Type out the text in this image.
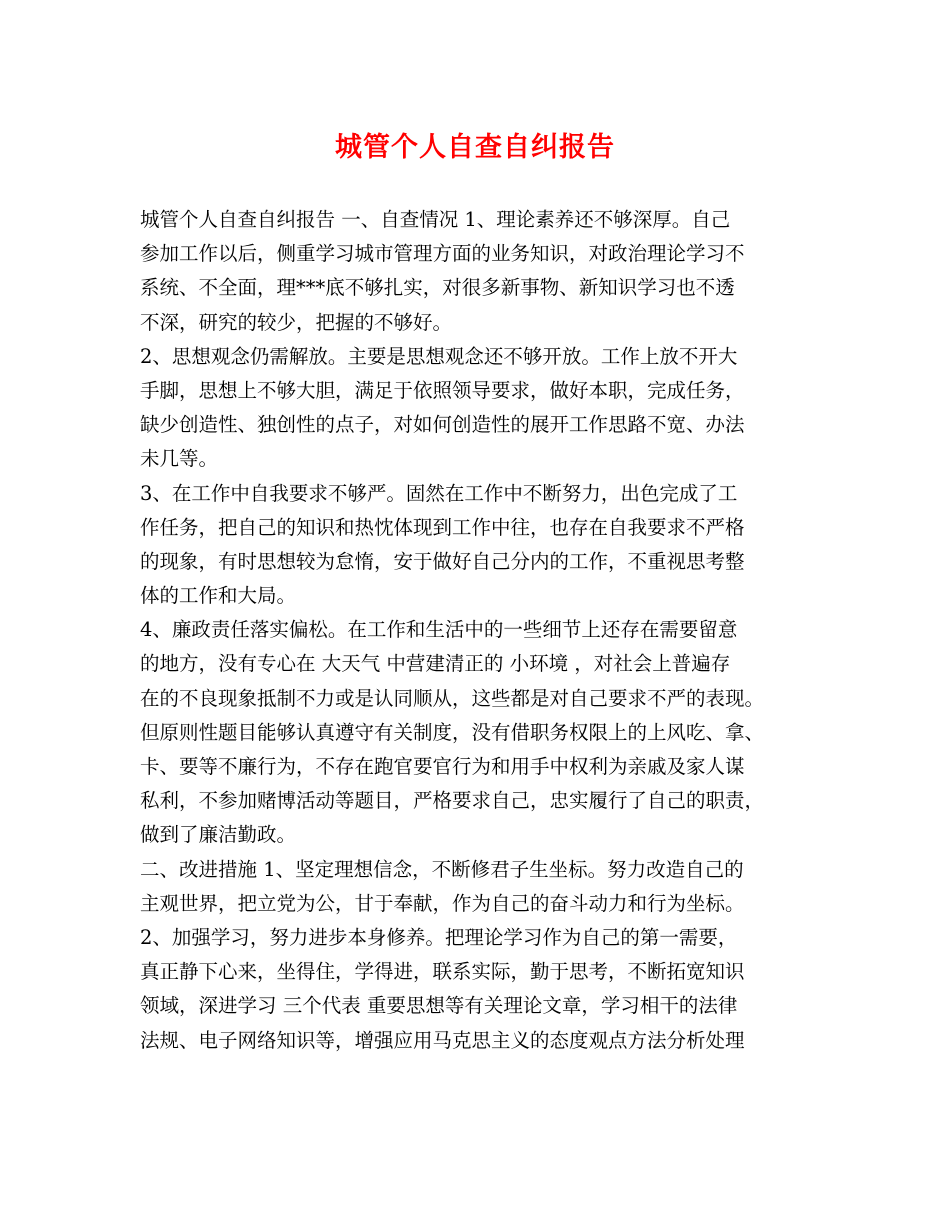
城管个人自查自纠报告
城管个人自查自纠报告 一、自查情况 1、理论素养还不够深厚。自己
参加工作以后，侧重学习城市管理方面的业务知识，对政治理论学习不
系统、不全面，理***底不够扎实，对很多新事物、新知识学习也不透
不深，研究的较少，把握的不够好。
2、思想观念仍需解放。主要是思想观念还不够开放。工作上放不开大
手脚，思想上不够大胆，满足于依照领导要求，做好本职，完成任务，
缺少创造性、独创性的点子，对如何创造性的展开工作思路不宽、办法
未几等。
3、在工作中自我要求不够严。固然在工作中不断努力，出色完成了工
作任务，把自己的知识和热忱体现到工作中往，也存在自我要求不严格
的现象，有时思想较为怠惰，安于做好自己分内的工作，不重视思考整
体的工作和大局。
4、廉政责任落实偏松。在工作和生活中的一些细节上还存在需要留意
的地方，没有专心在 大天气 中营建清正的 小环境 ，对社会上普遍存
在的不良现象抵制不力或是认同顺从，这些都是对自己要求不严的表现。
但原则性题目能够认真遵守有关制度，没有借职务权限上的上风吃、拿、
卡、要等不廉行为，不存在跑官要官行为和用手中权利为亲戚及家人谋
私利，不参加赌博活动等题目，严格要求自己，忠实履行了自己的职责，
做到了廉洁勤政。
二、改进措施 1、坚定理想信念，不断修君子生坐标。努力改造自己的
主观世界，把立党为公，甘于奉献，作为自己的奋斗动力和行为坐标。
2、加强学习，努力进步本身修养。把理论学习作为自己的第一需要，
真正静下心来，坐得住，学得进，联系实际，勤于思考，不断拓宽知识
领域，深进学习 三个代表 重要思想等有关理论文章，学习相干的法律
法规、电子网络知识等，增强应用马克思主义的态度观点方法分析处理
